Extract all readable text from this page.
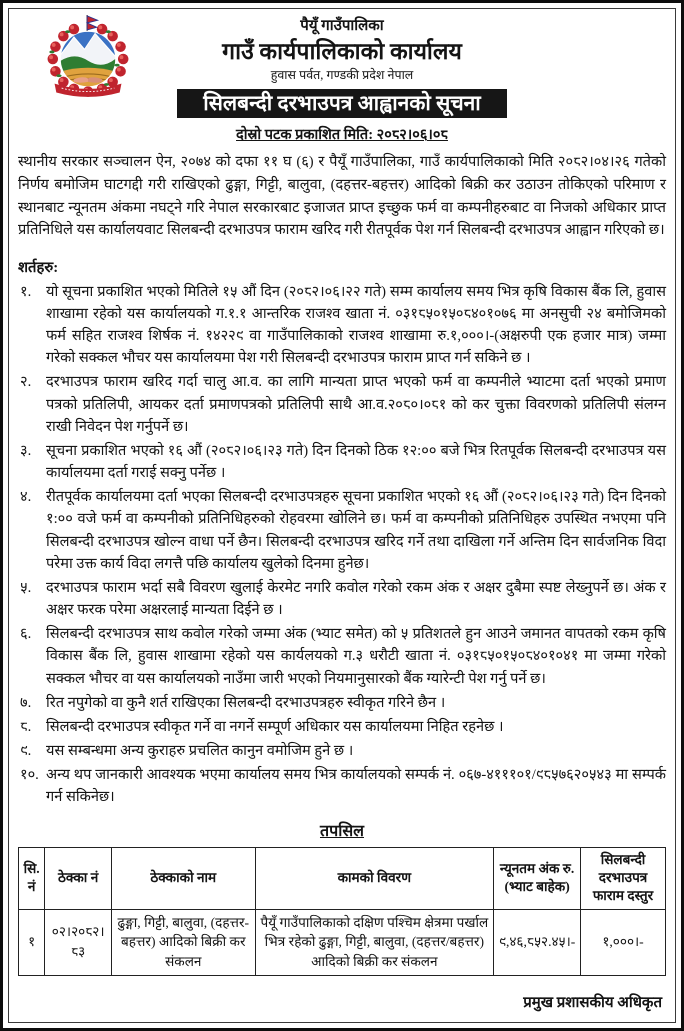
पैयूँ गाउँपालिका
गाउँ कार्यपालिकाको कार्यालय
हुवास पर्वत, गण्डकी प्रदेश नेपाल
सिलबन्दी दरभाउपत्र आह्वानको सूचना
दोस्रो पटक प्रकाशित मिति: २०८२।०६।०८

स्थानीय सरकार सञ्चालन ऐन, २०७४ को दफा ११ घ (६) र पैयूँ गाउँपालिका, गाउँ कार्यपालिकाको मिति २०८२।०४।२६ गतेको निर्णय बमोजिम घाटगद्दी गरी राखिएको ढुङ्गा, गिट्टी, बालुवा, (दहत्तर-बहत्तर) आदिको बिक्री कर उठाउन तोकिएको परिमाण र स्थानबाट न्यूनतम अंकमा नघट्ने गरि नेपाल सरकारबाट इजाजत प्राप्त इच्छुक फर्म वा कम्पनीहरुबाट वा निजको अधिकार प्राप्त प्रतिनिधिले यस कार्यालयवाट सिलबन्दी दरभाउपत्र फाराम खरिद गरी रीतपूर्वक पेश गर्न सिलबन्दी दरभाउपत्र आह्वान गरिएको छ।

शर्तहरु:
१.	यो सूचना प्रकाशित भएको मितिले १५ औं दिन (२०८२।०६।२२ गते) सम्म कार्यालय समय भित्र कृषि विकास बैंक लि, हुवास शाखामा रहेको यस कार्यालयको ग.१.१ आन्तरिक राजश्व खाता नं. ०३१८५०१५०८४०१०७६ मा अनसुची २४ बमोजिमको फर्म सहित राजश्व शिर्षक नं. १४२२९ वा गाउँपालिकाको राजश्व शाखामा रु.१,०००।-(अक्षरुपी एक हजार मात्र) जम्मा गरेको सक्कल भौचर यस कार्यालयमा पेश गरी सिलबन्दी दरभाउपत्र फाराम प्राप्त गर्न सकिने छ ।
२.	दरभाउपत्र फाराम खरिद गर्दा चालु आ.व. का लागि मान्यता प्राप्त भएको फर्म वा कम्पनीले भ्याटमा दर्ता भएको प्रमाण पत्रको प्रतिलिपी, आयकर दर्ता प्रमाणपत्रको प्रतिलिपी साथै आ.व.२०८०।०८१ को कर चुक्ता विवरणको प्रतिलिपी संलग्न राखी निवेदन पेश गर्नुपर्ने छ।
३.	सूचना प्रकाशित भएको १६ औं (२०८२।०६।२३ गते) दिन दिनको ठिक १२:०० बजे भित्र रितपूर्वक सिलबन्दी दरभाउपत्र यस कार्यालयमा दर्ता गराई सक्नु पर्नेछ ।
४.	रीतपूर्वक कार्यालयमा दर्ता भएका सिलबन्दी दरभाउपत्रहरु सूचना प्रकाशित भएको १६ औं (२०८२।०६।२३ गते) दिन दिनको १:०० वजे फर्म वा कम्पनीको प्रतिनिधिहरुको रोहवरमा खोलिने छ। फर्म वा कम्पनीको प्रतिनिधिहरु उपस्थित नभएमा पनि सिलबन्दी दरभाउपत्र खोल्न वाधा पर्ने छैन। सिलबन्दी दरभाउपत्र खरिद गर्ने तथा दाखिला गर्ने अन्तिम दिन सार्वजनिक विदा परेमा उक्त कार्य विदा लगत्तै पछि कार्यालय खुलेको दिनमा हुनेछ।
५.	दरभाउपत्र फाराम भर्दा सबै विवरण खुलाई केरमेट नगरि कवोल गरेको रकम अंक र अक्षर दुबैमा स्पष्ट लेख्नुपर्ने छ। अंक र अक्षर फरक परेमा अक्षरलाई मान्यता दिईने छ ।
६.	सिलबन्दी दरभाउपत्र साथ कवोल गरेको जम्मा अंक (भ्याट समेत) को ५ प्रतिशतले हुन आउने जमानत वापतको रकम कृषि विकास बैंक लि, हुवास शाखामा रहेको यस कार्यलयको ग.३ धरौटी खाता नं. ०३१८५०१५०८४०१०४१ मा जम्मा गरेको सक्कल भौचर वा यस कार्यालयको नाउँमा जारी भएको नियमानुसारको बैंक ग्यारेन्टी पेश गर्नु पर्ने छ।
७.	रित नपुगेको वा कुनै शर्त राखिएका सिलबन्दी दरभाउपत्रहरु स्वीकृत गरिने छैन ।
८.	सिलबन्दी दरभाउपत्र स्वीकृत गर्ने वा नगर्ने सम्पूर्ण अधिकार यस कार्यालयमा निहित रहनेछ ।
९.	यस सम्बन्धमा अन्य कुराहरु प्रचलित कानुन वमोजिम हुने छ ।
१०. अन्य थप जानकारी आवश्यक भएमा कार्यालय समय भित्र कार्यालयको सम्पर्क नं. ०६७-४१११०१/९८५७६२०५४३ मा सम्पर्क गर्न सकिनेछ।
तपसिल
सि. नं	ठेक्का नं	ठेक्काको नाम	कामको विवरण	न्यूनतम अंक रु. (भ्याट बाहेक)	सिलबन्दी दरभाउपत्र फाराम दस्तुर
१	०२।२०८२।८३	ढुङ्गा, गिट्टी, बालुवा, (दहत्तर-बहत्तर) आदिको बिक्री कर संकलन	पैयूँ गाउँपालिकाको दक्षिण पश्चिम क्षेत्रमा पर्खाल भित्र रहेको ढुङ्गा, गिट्टी, बालुवा, (दहत्तर/बहत्तर) आदिको बिक्री कर संकलन	९,४६,८५२.४५।-	१,०००।-
प्रमुख प्रशासकीय अधिकृत
